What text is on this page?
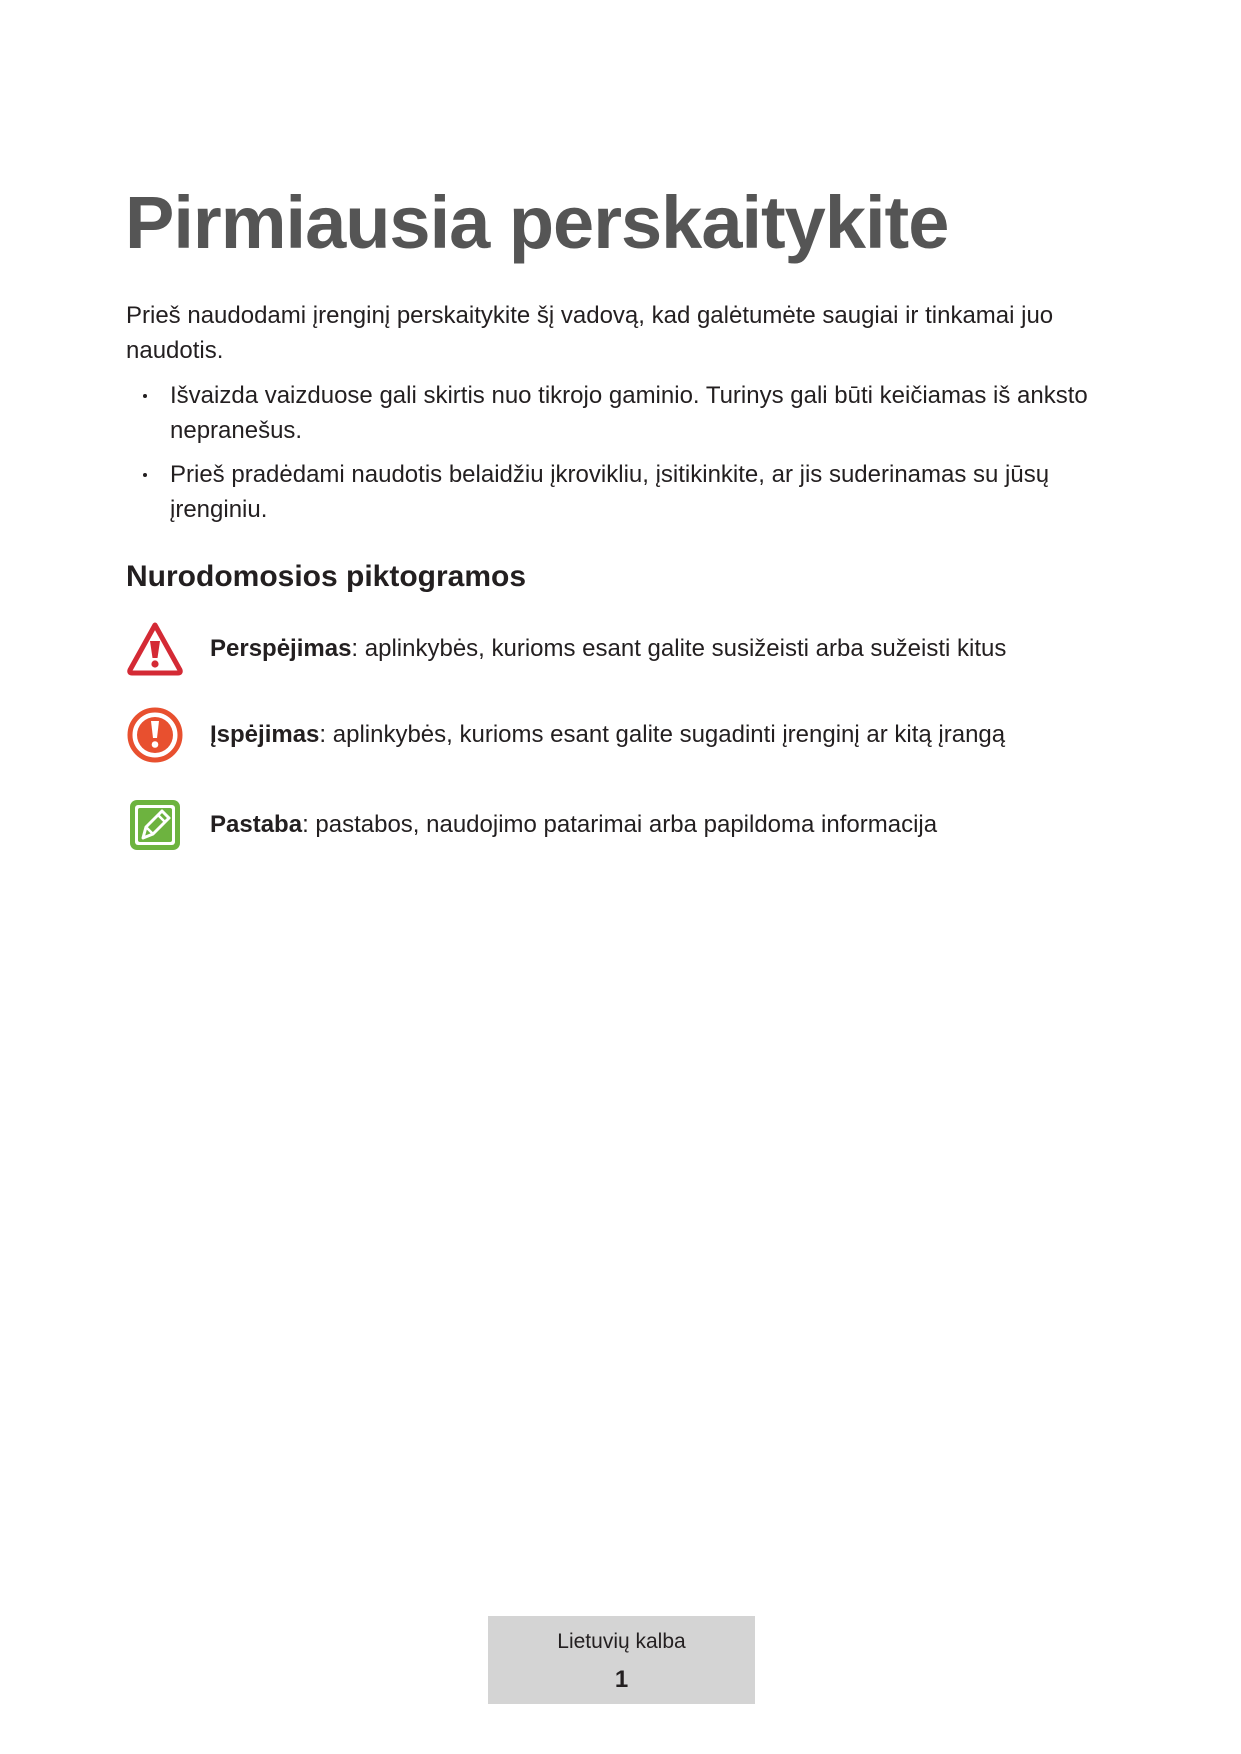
Pirmiausia perskaitykite

Prieš naudodami įrenginį perskaitykite šį vadovą, kad galėtumėte saugiai ir tinkamai juo naudotis.

Išvaizda vaizduose gali skirtis nuo tikrojo gaminio. Turinys gali būti keičiamas iš anksto nepranešus.
Prieš pradėdami naudotis belaidžiu įkrovikliu, įsitikinkite, ar jis suderinamas su jūsų įrenginiu.
Nurodomosios piktogramos
Perspėjimas: aplinkybės, kurioms esant galite susižeisti arba sužeisti kitus
Įspėjimas: aplinkybės, kurioms esant galite sugadinti įrenginį ar kitą įrangą
Pastaba: pastabos, naudojimo patarimai arba papildoma informacija
Lietuvių kalba
1
